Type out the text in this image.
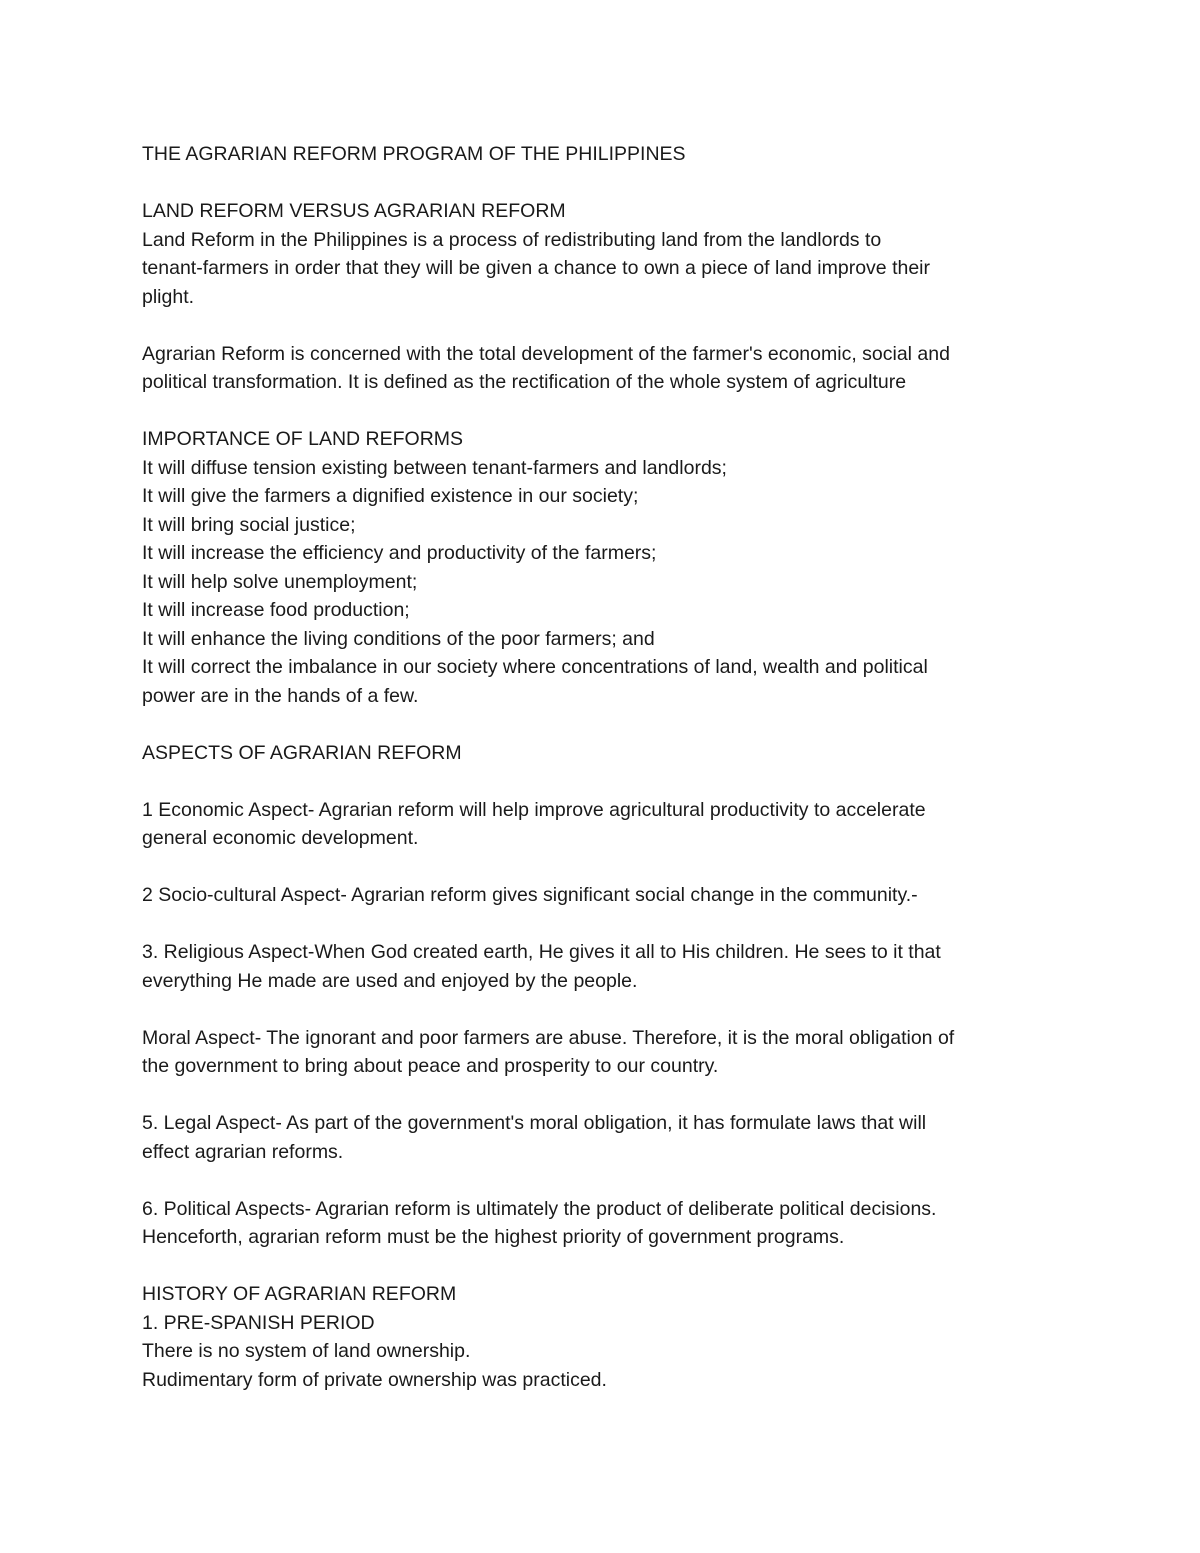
THE AGRARIAN REFORM PROGRAM OF THE PHILIPPINES
LAND REFORM VERSUS AGRARIAN REFORM
Land Reform in the Philippines is a process of redistributing land from the landlords to
tenant-farmers in order that they will be given a chance to own a piece of land improve their
plight.
Agrarian Reform is concerned with the total development of the farmer's economic, social and
political transformation. It is defined as the rectification of the whole system of agriculture
IMPORTANCE OF LAND REFORMS
It will diffuse tension existing between tenant-farmers and landlords;
It will give the farmers a dignified existence in our society;
It will bring social justice;
It will increase the efficiency and productivity of the farmers;
It will help solve unemployment;
It will increase food production;
It will enhance the living conditions of the poor farmers; and
It will correct the imbalance in our society where concentrations of land, wealth and political
power are in the hands of a few.
ASPECTS OF AGRARIAN REFORM
1 Economic Aspect- Agrarian reform will help improve agricultural productivity to accelerate
general economic development.
2 Socio-cultural Aspect- Agrarian reform gives significant social change in the community.-
3. Religious Aspect-When God created earth, He gives it all to His children. He sees to it that
everything He made are used and enjoyed by the people.
Moral Aspect- The ignorant and poor farmers are abuse. Therefore, it is the moral obligation of
the government to bring about peace and prosperity to our country.
5. Legal Aspect- As part of the government's moral obligation, it has formulate laws that will
effect agrarian reforms.
6. Political Aspects- Agrarian reform is ultimately the product of deliberate political decisions.
Henceforth, agrarian reform must be the highest priority of government programs.
HISTORY OF AGRARIAN REFORM
1. PRE-SPANISH PERIOD
There is no system of land ownership.
Rudimentary form of private ownership was practiced.
